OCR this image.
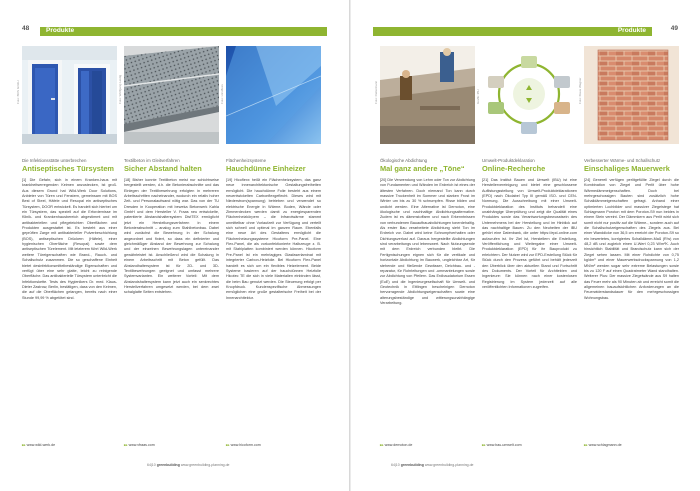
48	Produkte
Foto: BOS GmbH
Die Infektionsstätte unterbrechen
Antiseptisches Türsystem
[1] Die Gefahr, sich in einem Kranken-haus mit krankheitserregenden Keimen anzustecken, ist groß. Aus diesem Grund hat Wild-Werk Door Solutions, Anbieter von Türen und Fenstern, gemeinsam mit BOS Best of Steel, Häfele und Resopal ein antiseptisches Türsystem, DOOR entwickelt. Es handelt sich hierbei um ein Türsystem, das speziell auf die Erfordernisse im Klinik- und Krankenhausbereich abgestimmt und mit antibakteriellen und pflegeleichten Oberflächen und Produkten ausgestattet ist. Es besteht aus einer geprüften Zarge mit antibakterieller Pulverbeschichtung (BOS), antiseptischen Drückern (Häfele), einer hygienischen Oberfläche (Resopal) sowie dem antiseptischen Türelement. Mit letzterem führt Wild-Werk weitere Türeigenschaften wie Brand-, Rauch- und Schallschutz zusammen. Die so geschaffene Einheit bietet desinfektionsmittelbeständige Eigenschaften und verfügt über eine sehr glatte, leicht zu reinigende Oberfläche. Das antibakterielle Türsystem unterbricht die Infektionskette. Tests des Hygienikers Dr. med. Klaus-Dieter Zastrow, Berlin, bestätigen, dass von den Keimen, die auf die Oberflächen gelangen, bereits nach einer Stunde 99,99 % abgetötet sind.
▸▸ www.wild-werk.de
Foto: Wolfgang Leidig
Textilbeton im Gleitverfahren
Sicher Abstand halten
[18] Bisher konnte Textilbeton meist nur schichtweise hergestellt werden, d.h. die Betonierabschnitte und das Einlegen der Textilbewehrung erfolgten in mehreren Arbeitsschritten nacheinander, wodurch ein relativ hoher Zeit- und Personalaufwand nötig war. Das von der TU Dresden in Kooperation mit beweka Betonwerk Kahla GmbH und dem Hersteller V. Fraas neu entwickelte, patentierte Abstandshaltersystem DistTEX ermöglicht jetzt ein Herstellungsverfahren in einem Betonierabschnitt – analog zum Stahlbetonbau. Dabei wird zunächst die Bewehrung in der Schalung angeordnet und fixiert, so dass ein definierter und gleichmäßiger Abstand der Bewehrung zur Schalung und der einzelnen Bewehrungslagen untereinander gewährleistet ist. Anschließend wird die Schalung in einem Arbeitsschritt mit Beton gefüllt. Das Abstandhaltersystem ist für 2D- und 3D-Textilbewehrungen geeignet und umfasst mehrere Systemvarianten. Ein weiterer Vorteil: Mit dem Abstandshaltersystem kann jetzt auch ein senkrechtes Herstellverfahren umgesetzt werden, bei dem zwei schalglatte Seiten entstehen.
▸▸ www.vfraas.com
Foto: Hicoflexx
Flächenheizsysteme
Hauchdünne Einheizer
[19] Hicoflexx heißt ein Flächenheizsystem, das ganz neue innenarchitektonische Gestaltungsfreiheiten ermöglicht. Die hauchdünne Folie besteht aus einem neuentwickelten Carbonflexgeflecht. Dieses wird mit Niederstrom(spannung) betrieben und verwendet so elektrische Energie in Wärme. Boden, Wände oder Zimmerdecken werden damit zu energiesparenden Flächenheizkörpern – die Infrarotwärme stammt unmittelbar ohne Vorlaufzeit zur Verfügung und verteilt sich schnell und optimal im ganzen Raum. Ebenfalls eine neue Art des Gestaltens ermöglicht die Flächenheizungssysteme Hicoform Pre-Panel. Eine Flex-Panel, die als vorkonfektionierte Halbzeuge z. B. mit Stahlplatten kombiniert werden können. Hicoform Pre-Panel ist ein mehrlagiges Glasfaserlaminat mit integrierter Carbon-Heizfolie. Bei Hicoform Flex-Panel handelt es sich um ein flexibles Heizelement. Beide Systeme basieren auf der hauchdünnen Heizfolie Hicotec TE die sich in viele Materialien einbinden lässt, die beim Bau genutzt werden. Die Steuerung erfolgt per Knopfdruck. Kundenspezifische Abmessungen ermöglichen eine große gestalterische Freiheit bei der Innenarchitektur.
▸▸ www.hicoform.com
64|10 greenbuilding www.greenbuilding-planning.de
Produkte	49
Foto: Deitermann
Ökologische Abdichtung
Mal ganz andere „Töne“
[20] Die Verwendung von Lehm oder Ton zur Abdichtung von Fundamenten und Wänden im Erdreich ist eines der ältesten Verfahren. Doch niemand Ton kann durch massive Trockenheit im Sommer und starken Frost im Winter um bis zu 30 % schrumpfen. Risse bilden und undicht werden. Eine Alternative ist Dernoton, eine ökologische und nachhaltige Abdichtungsalternative. Zudem ist es dämmstoffarm und nach Erkenntnissen von verbundenen Bauaufbauabdichtungen tonerdehaltig. Als erster Bau verarbeitete Abdichtung sieht Ton im Erdreich vor. Dabei wird keine Schrumpfverhalten oder Dichtungsverlust auf. Daraus hergestellte Abdichtungen sind verarbeitungs und lebenswert. Nach Nutzungsende mit dem Erdreich verbunden bleibt. Die Fertigmischungen eignen sich für die vertikale und horizontale Abdichtung im Bauwerk, ungleichbar Art, für stehende und fließende Gewässer, Deichbau- und -reparatur, für Rohrleitungen und -ummantelungen sowie zur Abdichtung von Pfeilern. Das Erdbaudatorium Essen (EuE) und die Ingenieurgesellschaft für Umwelt- und Geotechnik in Ettlingen bescheinigen Dernoton hervorragende Abdichtungseigenschaften sowie eine alterungsbeständige und witterungsunabhängige Verarbeitung.
▸▸ www.dernoton.de
Grafik: IBU
Umwelt-Produktdeklaration
Online-Recherche
[21] Das Institut Bauen und Umwelt (IBU) ist eine Herstellervereinigung und bietet eine geschlossene Auflistungsstellung von Umwelt-Produktdeklarationen (EPD) nach Ökolabel Typ III gemäß ISO- und CEN-Normung. Die Ausschreibung mit einer Umwelt-Produktdeklaration des Instituts behandelt eine unabhängige Überprüfung und zeigt die Qualität eines Produktes sowie das Verantwortungsbewusstsein des Unternehmens bei der Herstellung und im Hinblick auf das nachhaltige Bauen. Zu den Neuheiten der IBU gehört eine Datenbank, die unter https://epd-online.com aufzurufen ist. Ihr Ziel ist, Herstellern die Erstellung, Veröffentlichung und Weitergabe einer Umwelt-Produktdeklaration (EPD) für ihr Bauprodukt zu erleichtern. Der Nutzer wird zur EPD-Erstellung Stück für Stück durch den Prozess geführt und behält jederzeit den Überblick über den aktuellen Stand und Fortschritt des Dokuments. Der Vorteil für Architekten und Ingenieure: Sie können nach einer kostenlosen Registrierung im System jederzeit auf alle veröffentlichten Informationen zugreifen.
▸▸ www.bau-umwelt.com
Foto: Klaus Wagner
Verbesserter Wärme- und Schallschutz
Einschaliges Mauerwerk
[24] Generell verfügen perlitgefüllte Ziegel durch die Kombination von Ziegel und Perlit über hohe Wärmedämmeigenschaften. Doch bei mehrgeschossigen Bauten sind zusätzlich hohe Schalldämmeigenschaften gefragt. Anhand einer optimierten Lochbilder und massiver Ziegelstege hat Schlagmann Poroton mit dem Poroton-S9 nun beides in einem Stein vereint. Der Dämmkern aus Perlit wirkt sich somit nicht nur positiv auf die Wärme-, sondern auch auf die Schallschutzeigenschaften des Ziegels aus. Bei einer Wanddicke von 36,5 cm erreicht der Poroton-S9 so ein bewertetes, korrigiertes Schalldämm-Maß (R'w) von 48,2 dB und zugleich einen U-Wert 0,23 W/m²K. Auch hinsichtlich Stabilität und Brandschutz kann sich der Ziegel sehen lassen. Mit einer Rohdichte von 0,75 kg/dm³ und einer Mauerwerksdruckspannung von 1,2 MN/m² werden sogar sehr extreme Belastungen sowie bis zu 120 F auf einen Quadratmeter Wand standhalten. Weiterer Plus: Der massive Ziegelwände aus S9 halten das Feuer mehr als 90 Minuten ab und erreicht somit die allgemeinen bauaufsichtlichen Anforderungen an die Feuerwiderstandsdauer für den mehrgeschossigen Wohnungsbau.
▸▸ www.schlagmann.de
64|10 greenbuilding www.greenbuilding-planning.de
